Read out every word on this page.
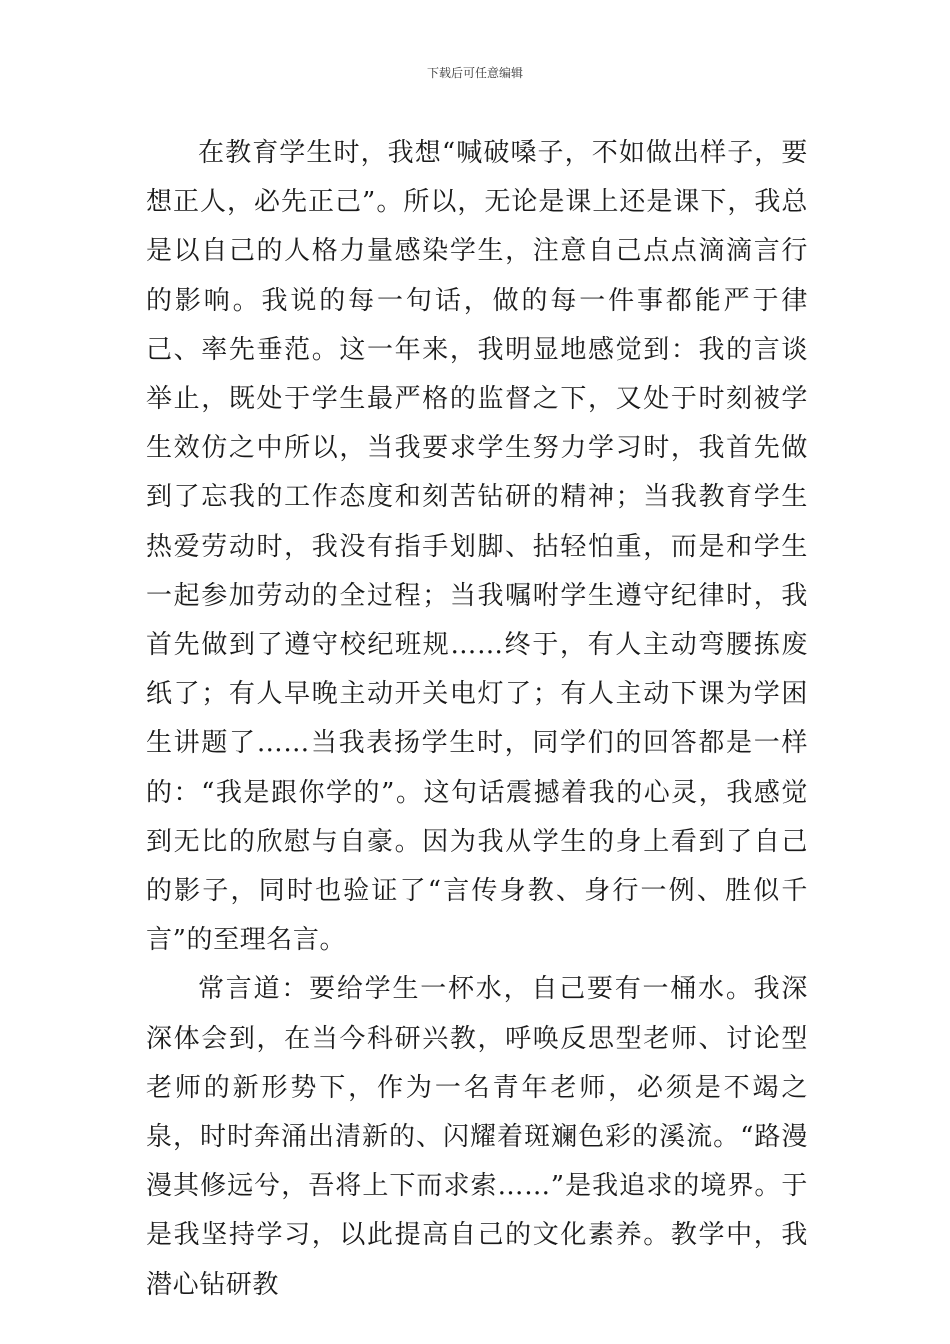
下载后可任意编辑

在教育学生时，我想“喊破嗓子，不如做出样子，要想正人，必先正己”。所以，无论是课上还是课下，我总是以自己的人格力量感染学生，注意自己点点滴滴言行的影响。我说的每一句话，做的每一件事都能严于律己、率先垂范。这一年来，我明显地感觉到：我的言谈举止，既处于学生最严格的监督之下，又处于时刻被学生效仿之中所以，当我要求学生努力学习时，我首先做到了忘我的工作态度和刻苦钻研的精神；当我教育学生热爱劳动时，我没有指手划脚、拈轻怕重，而是和学生一起参加劳动的全过程；当我嘱咐学生遵守纪律时，我首先做到了遵守校纪班规……终于，有人主动弯腰拣废纸了；有人早晚主动开关电灯了；有人主动下课为学困生讲题了……当我表扬学生时，同学们的回答都是一样的：“我是跟你学的”。这句话震撼着我的心灵，我感觉到无比的欣慰与自豪。因为我从学生的身上看到了自己的影子，同时也验证了“言传身教、身行一例、胜似千言”的至理名言。

常言道：要给学生一杯水，自己要有一桶水。我深深体会到，在当今科研兴教，呼唤反思型老师、讨论型老师的新形势下，作为一名青年老师，必须是不竭之泉，时时奔涌出清新的、闪耀着斑斓色彩的溪流。“路漫漫其修远兮，吾将上下而求索……”是我追求的境界。于是我坚持学习，以此提高自己的文化素养。教学中，我潜心钻研教
